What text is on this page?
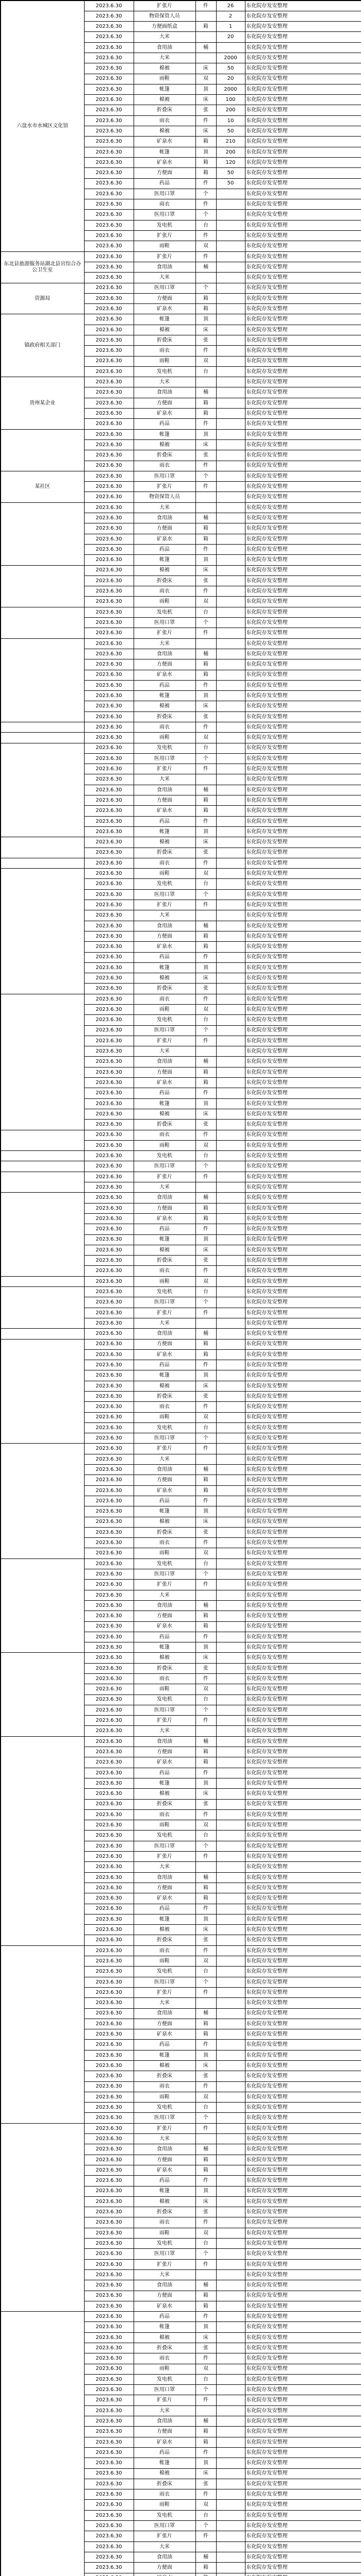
六盘水市水城区文化馆	2023.6.30	扩张片	件	26	东化院存发安整理
	2023.6.30	物资保管人员		2	东化院存发安整理
	2023.6.30	方便面纸盒	箱	1	东化院存发安整理
	2023.6.30	大米		20	东化院存发安整理
	2023.6.30	食用油	桶		东化院存发安整理
	2023.6.30	大米		2000	东化院存发安整理
	2023.6.30	棉被	床	50	东化院存发安整理
	2023.6.30	雨鞋	双	20	东化院存发安整理
	2023.6.30	帐篷	顶	2000	东化院存发安整理
	2023.6.30	棉被	床	100	东化院存发安整理
	2023.6.30	折叠床	张	200	东化院存发安整理
	2023.6.30	雨衣	件	10	东化院存发安整理
	2023.6.30	棉被	床	50	东化院存发安整理
	2023.6.30	矿泉水	箱	210	东化院存发安整理
	2023.6.30	帐篷	顶	200	东化院存发安整理
	2023.6.30	矿泉水	箱	120	东化院存发安整理
	2023.6.30	方便面	箱	50	东化院存发安整理
	2023.6.30	药品	件	50	东化院存发安整理
	2023.6.30	医用口罩	个		东化院存发安整理
	2023.6.30	雨衣	件		东化院存发安整理
	2023.6.30	医用口罩	个		东化院存发安整理
	2023.6.30	发电机	台		东化院存发安整理
	2023.6.30	扩张片	件		东化院存发安整理
	2023.6.30	雨鞋	双		东化院存发安整理
东北县旅游服务站湖北县官综合办公卫生室	2023.6.30	扩张片	件		东化院存发安整理
	2023.6.30	食用油	桶		东化院存发安整理
	2023.6.30	大米			东化院存发安整理
资源局	2023.6.30	医用口罩	个		东化院存发安整理
	2023.6.30	方便面	箱		东化院存发安整理
	2023.6.30	矿泉水	箱		东化院存发安整理
镇政府相关部门	2023.6.30	帐篷	顶		东化院存发安整理
	2023.6.30	棉被	床		东化院存发安整理
	2023.6.30	折叠床	张		东化院存发安整理
	2023.6.30	雨衣	件		东化院存发安整理
	2023.6.30	雨鞋	双		东化院存发安整理
	2023.6.30	发电机	台		东化院存发安整理
贵州某企业	2023.6.30	大米			东化院存发安整理
	2023.6.30	食用油	桶		东化院存发安整理
	2023.6.30	方便面	箱		东化院存发安整理
	2023.6.30	矿泉水	箱		东化院存发安整理
	2023.6.30	药品	件		东化院存发安整理
	2023.6.30	帐篷	顶		东化院存发安整理
	2023.6.30	棉被	床		东化院存发安整理
	2023.6.30	折叠床	张		东化院存发安整理
	2023.6.30	雨衣	件		东化院存发安整理
某社区	2023.6.30	医用口罩	个		东化院存发安整理
	2023.6.30	扩张片	件		东化院存发安整理
	2023.6.30	物资保管人员			东化院存发安整理
	2023.6.30	大米			东化院存发安整理
	2023.6.30	食用油	桶		东化院存发安整理
	2023.6.30	方便面	箱		东化院存发安整理
	2023.6.30	矿泉水	箱		东化院存发安整理
	2023.6.30	药品	件		东化院存发安整理
	2023.6.30	帐篷	顶		东化院存发安整理
	2023.6.30	棉被	床		东化院存发安整理
	2023.6.30	折叠床	张		东化院存发安整理
	2023.6.30	雨衣	件		东化院存发安整理
	2023.6.30	雨鞋	双		东化院存发安整理
	2023.6.30	发电机	台		东化院存发安整理
	2023.6.30	医用口罩	个		东化院存发安整理
	2023.6.30	扩张片	件		东化院存发安整理
	2023.6.30	大米			东化院存发安整理
	2023.6.30	食用油	桶		东化院存发安整理
	2023.6.30	方便面	箱		东化院存发安整理
	2023.6.30	矿泉水	箱		东化院存发安整理
	2023.6.30	药品	件		东化院存发安整理
	2023.6.30	帐篷	顶		东化院存发安整理
	2023.6.30	棉被	床		东化院存发安整理
	2023.6.30	折叠床	张		东化院存发安整理
	2023.6.30	雨衣	件		东化院存发安整理
	2023.6.30	雨鞋	双		东化院存发安整理
	2023.6.30	发电机	台		东化院存发安整理
	2023.6.30	医用口罩	个		东化院存发安整理
	2023.6.30	扩张片	件		东化院存发安整理
	2023.6.30	大米			东化院存发安整理
	2023.6.30	食用油	桶		东化院存发安整理
	2023.6.30	方便面	箱		东化院存发安整理
	2023.6.30	矿泉水	箱		东化院存发安整理
	2023.6.30	药品	件		东化院存发安整理
	2023.6.30	帐篷	顶		东化院存发安整理
	2023.6.30	棉被	床		东化院存发安整理
	2023.6.30	折叠床	张		东化院存发安整理
	2023.6.30	雨衣	件		东化院存发安整理
	2023.6.30	雨鞋	双		东化院存发安整理
	2023.6.30	发电机	台		东化院存发安整理
	2023.6.30	医用口罩	个		东化院存发安整理
	2023.6.30	扩张片	件		东化院存发安整理
	2023.6.30	大米			东化院存发安整理
	2023.6.30	食用油	桶		东化院存发安整理
	2023.6.30	方便面	箱		东化院存发安整理
	2023.6.30	矿泉水	箱		东化院存发安整理
	2023.6.30	药品	件		东化院存发安整理
	2023.6.30	帐篷	顶		东化院存发安整理
	2023.6.30	棉被	床		东化院存发安整理
	2023.6.30	折叠床	张		东化院存发安整理
	2023.6.30	雨衣	件		东化院存发安整理
	2023.6.30	雨鞋	双		东化院存发安整理
	2023.6.30	发电机	台		东化院存发安整理
	2023.6.30	医用口罩	个		东化院存发安整理
	2023.6.30	扩张片	件		东化院存发安整理
	2023.6.30	大米			东化院存发安整理
	2023.6.30	食用油	桶		东化院存发安整理
	2023.6.30	方便面	箱		东化院存发安整理
	2023.6.30	矿泉水	箱		东化院存发安整理
	2023.6.30	药品	件		东化院存发安整理
	2023.6.30	帐篷	顶		东化院存发安整理
	2023.6.30	棉被	床		东化院存发安整理
	2023.6.30	折叠床	张		东化院存发安整理
	2023.6.30	雨衣	件		东化院存发安整理
	2023.6.30	雨鞋	双		东化院存发安整理
	2023.6.30	发电机	台		东化院存发安整理
	2023.6.30	医用口罩	个		东化院存发安整理
	2023.6.30	扩张片	件		东化院存发安整理
	2023.6.30	大米			东化院存发安整理
	2023.6.30	食用油	桶		东化院存发安整理
	2023.6.30	方便面	箱		东化院存发安整理
	2023.6.30	矿泉水	箱		东化院存发安整理
	2023.6.30	药品	件		东化院存发安整理
	2023.6.30	帐篷	顶		东化院存发安整理
	2023.6.30	棉被	床		东化院存发安整理
	2023.6.30	折叠床	张		东化院存发安整理
	2023.6.30	雨衣	件		东化院存发安整理
	2023.6.30	雨鞋	双		东化院存发安整理
	2023.6.30	发电机	台		东化院存发安整理
	2023.6.30	医用口罩	个		东化院存发安整理
	2023.6.30	扩张片	件		东化院存发安整理
	2023.6.30	大米			东化院存发安整理
	2023.6.30	食用油	桶		东化院存发安整理
	2023.6.30	方便面	箱		东化院存发安整理
	2023.6.30	矿泉水	箱		东化院存发安整理
	2023.6.30	药品	件		东化院存发安整理
	2023.6.30	帐篷	顶		东化院存发安整理
	2023.6.30	棉被	床		东化院存发安整理
	2023.6.30	折叠床	张		东化院存发安整理
	2023.6.30	雨衣	件		东化院存发安整理
	2023.6.30	雨鞋	双		东化院存发安整理
	2023.6.30	发电机	台		东化院存发安整理
	2023.6.30	医用口罩	个		东化院存发安整理
	2023.6.30	扩张片	件		东化院存发安整理
	2023.6.30	大米			东化院存发安整理
	2023.6.30	食用油	桶		东化院存发安整理
	2023.6.30	方便面	箱		东化院存发安整理
	2023.6.30	矿泉水	箱		东化院存发安整理
	2023.6.30	药品	件		东化院存发安整理
	2023.6.30	帐篷	顶		东化院存发安整理
	2023.6.30	棉被	床		东化院存发安整理
	2023.6.30	折叠床	张		东化院存发安整理
	2023.6.30	雨衣	件		东化院存发安整理
	2023.6.30	雨鞋	双		东化院存发安整理
	2023.6.30	发电机	台		东化院存发安整理
	2023.6.30	医用口罩	个		东化院存发安整理
	2023.6.30	扩张片	件		东化院存发安整理
	2023.6.30	大米			东化院存发安整理
	2023.6.30	食用油	桶		东化院存发安整理
	2023.6.30	方便面	箱		东化院存发安整理
	2023.6.30	矿泉水	箱		东化院存发安整理
	2023.6.30	药品	件		东化院存发安整理
	2023.6.30	帐篷	顶		东化院存发安整理
	2023.6.30	棉被	床		东化院存发安整理
	2023.6.30	折叠床	张		东化院存发安整理
	2023.6.30	雨衣	件		东化院存发安整理
	2023.6.30	雨鞋	双		东化院存发安整理
	2023.6.30	发电机	台		东化院存发安整理
	2023.6.30	医用口罩	个		东化院存发安整理
	2023.6.30	扩张片	件		东化院存发安整理
	2023.6.30	大米			东化院存发安整理
	2023.6.30	食用油	桶		东化院存发安整理
	2023.6.30	方便面	箱		东化院存发安整理
	2023.6.30	矿泉水	箱		东化院存发安整理
	2023.6.30	药品	件		东化院存发安整理
	2023.6.30	帐篷	顶		东化院存发安整理
	2023.6.30	棉被	床		东化院存发安整理
	2023.6.30	折叠床	张		东化院存发安整理
	2023.6.30	雨衣	件		东化院存发安整理
	2023.6.30	雨鞋	双		东化院存发安整理
	2023.6.30	发电机	台		东化院存发安整理
	2023.6.30	医用口罩	个		东化院存发安整理
	2023.6.30	扩张片	件		东化院存发安整理
	2023.6.30	大米			东化院存发安整理
	2023.6.30	食用油	桶		东化院存发安整理
	2023.6.30	方便面	箱		东化院存发安整理
	2023.6.30	矿泉水	箱		东化院存发安整理
	2023.6.30	药品	件		东化院存发安整理
	2023.6.30	帐篷	顶		东化院存发安整理
	2023.6.30	棉被	床		东化院存发安整理
	2023.6.30	折叠床	张		东化院存发安整理
	2023.6.30	雨衣	件		东化院存发安整理
	2023.6.30	雨鞋	双		东化院存发安整理
	2023.6.30	发电机	台		东化院存发安整理
	2023.6.30	医用口罩	个		东化院存发安整理
	2023.6.30	扩张片	件		东化院存发安整理
	2023.6.30	大米			东化院存发安整理
	2023.6.30	食用油	桶		东化院存发安整理
	2023.6.30	方便面	箱		东化院存发安整理
	2023.6.30	矿泉水	箱		东化院存发安整理
	2023.6.30	药品	件		东化院存发安整理
	2023.6.30	帐篷	顶		东化院存发安整理
	2023.6.30	棉被	床		东化院存发安整理
	2023.6.30	折叠床	张		东化院存发安整理
	2023.6.30	雨衣	件		东化院存发安整理
	2023.6.30	雨鞋	双		东化院存发安整理
	2023.6.30	发电机	台		东化院存发安整理
	2023.6.30	医用口罩	个		东化院存发安整理
	2023.6.30	扩张片	件		东化院存发安整理
	2023.6.30	大米			东化院存发安整理
	2023.6.30	食用油	桶		东化院存发安整理
	2023.6.30	方便面	箱		东化院存发安整理
	2023.6.30	矿泉水	箱		东化院存发安整理
	2023.6.30	药品	件		东化院存发安整理
	2023.6.30	帐篷	顶		东化院存发安整理
	2023.6.30	棉被	床		东化院存发安整理
	2023.6.30	折叠床	张		东化院存发安整理
	2023.6.30	雨衣	件		东化院存发安整理
	2023.6.30	雨鞋	双		东化院存发安整理
	2023.6.30	发电机	台		东化院存发安整理
	2023.6.30	医用口罩	个		东化院存发安整理
	2023.6.30	扩张片	件		东化院存发安整理
	2023.6.30	大米			东化院存发安整理
	2023.6.30	食用油	桶		东化院存发安整理
	2023.6.30	方便面	箱		东化院存发安整理
	2023.6.30	矿泉水	箱		东化院存发安整理
	2023.6.30	药品	件		东化院存发安整理
	2023.6.30	帐篷	顶		东化院存发安整理
	2023.6.30	棉被	床		东化院存发安整理
	2023.6.30	折叠床	张		东化院存发安整理
	2023.6.30	雨衣	件		东化院存发安整理
	2023.6.30	雨鞋	双		东化院存发安整理
	2023.6.30	发电机	台		东化院存发安整理
	2023.6.30	医用口罩	个		东化院存发安整理
	2023.6.30	扩张片	件		东化院存发安整理
	2023.6.30	大米			东化院存发安整理
	2023.6.30	食用油	桶		东化院存发安整理
	2023.6.30	方便面	箱		东化院存发安整理
	2023.6.30	矿泉水	箱		东化院存发安整理
	2023.6.30	药品	件		东化院存发安整理
	2023.6.30	帐篷	顶		东化院存发安整理
	2023.6.30	棉被	床		东化院存发安整理
	2023.6.30	折叠床	张		东化院存发安整理
	2023.6.30	雨衣	件		东化院存发安整理
	2023.6.30	雨鞋	双		东化院存发安整理
	2023.6.30	发电机	台		东化院存发安整理
	2023.6.30	医用口罩	个		东化院存发安整理
	2023.6.30	扩张片	件		东化院存发安整理
	2023.6.30	大米			东化院存发安整理
	2023.6.30	食用油	桶		东化院存发安整理
	2023.6.30	方便面	箱		东化院存发安整理
